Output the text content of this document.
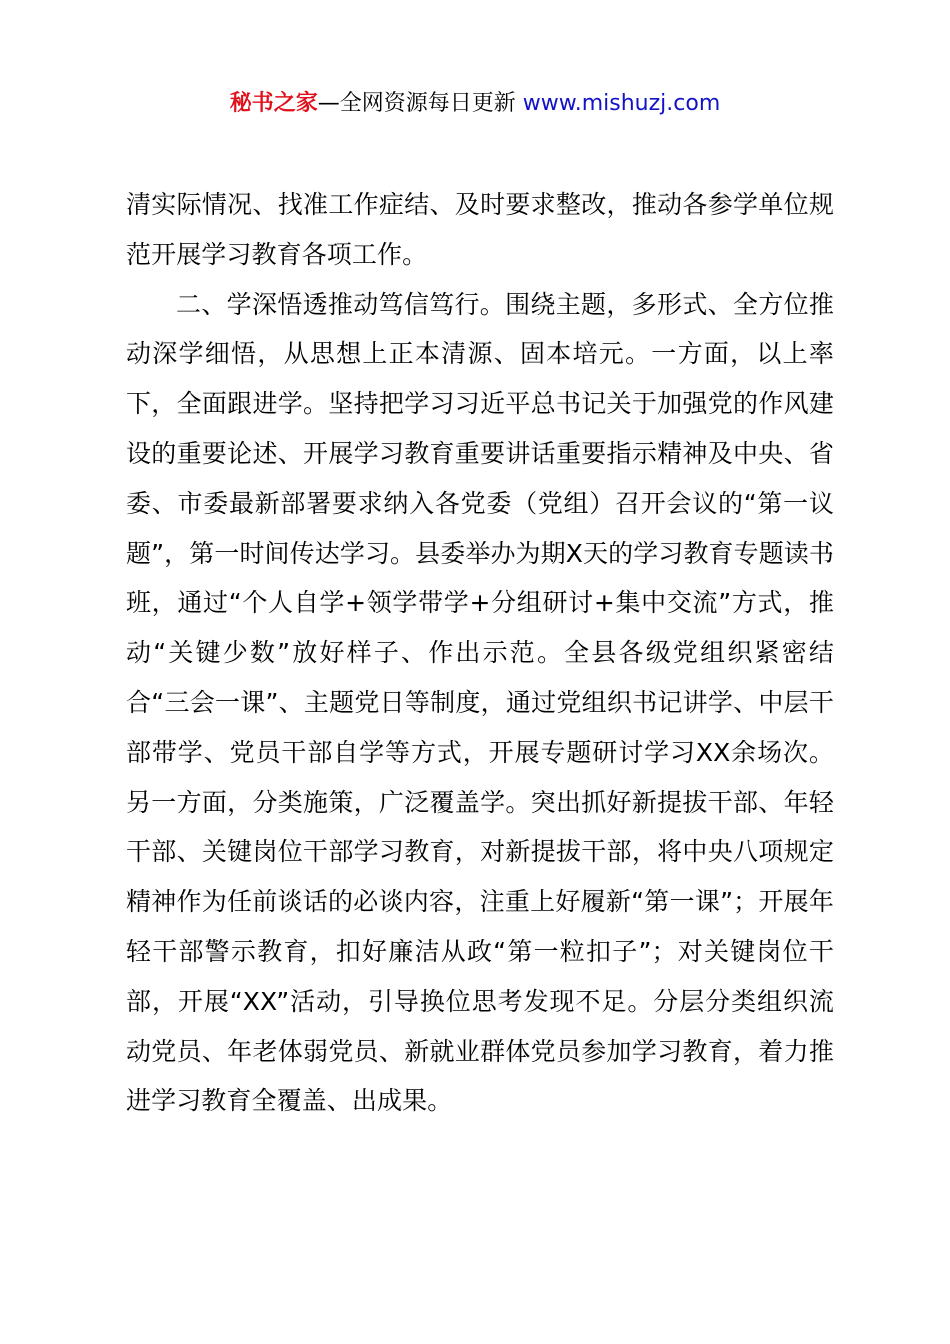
秘书之家—全网资源每日更新 www.mishuzj.com

清实际情况、找准工作症结、及时要求整改，推动各参学单位规范开展学习教育各项工作。

二、学深悟透推动笃信笃行。围绕主题，多形式、全方位推动深学细悟，从思想上正本清源、固本培元。一方面，以上率下，全面跟进学。坚持把学习习近平总书记关于加强党的作风建设的重要论述、开展学习教育重要讲话重要指示精神及中央、省委、市委最新部署要求纳入各党委（党组）召开会议的“第一议题”，第一时间传达学习。县委举办为期X天的学习教育专题读书班，通过“个人自学+领学带学+分组研讨+集中交流”方式，推动“关键少数”放好样子、作出示范。全县各级党组织紧密结合“三会一课”、主题党日等制度，通过党组织书记讲学、中层干部带学、党员干部自学等方式，开展专题研讨学习XX余场次。另一方面，分类施策，广泛覆盖学。突出抓好新提拔干部、年轻干部、关键岗位干部学习教育，对新提拔干部，将中央八项规定精神作为任前谈话的必谈内容，注重上好履新“第一课”；开展年轻干部警示教育，扣好廉洁从政“第一粒扣子”；对关键岗位干部，开展“XX”活动，引导换位思考发现不足。分层分类组织流动党员、年老体弱党员、新就业群体党员参加学习教育，着力推进学习教育全覆盖、出成果。
